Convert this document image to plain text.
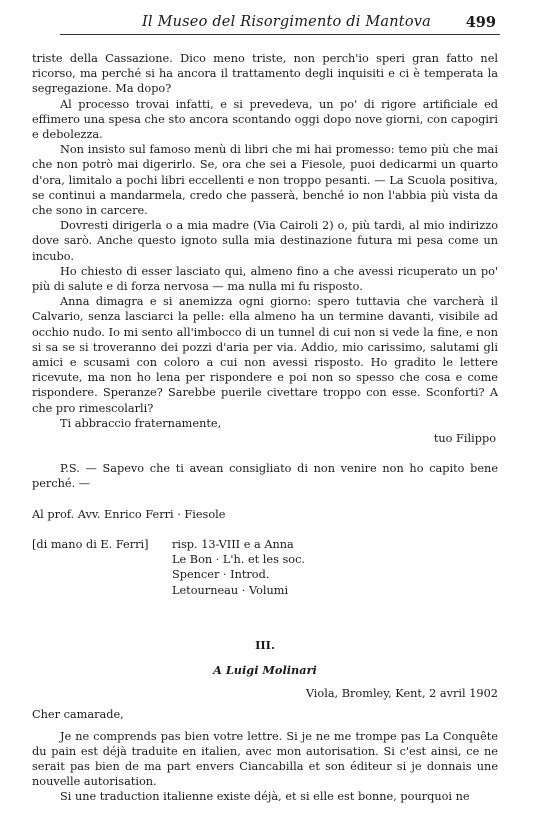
Il Museo del Risorgimento di Mantova 499

triste della Cassazione. Dico meno triste, non perch'io speri gran fatto nel ricorso, ma perché si ha ancora il trattamento degli inquisiti e ci è temperata la segregazione. Ma dopo?

Al processo trovai infatti, e si prevedeva, un po' di rigore artificiale ed effimero una spesa che sto ancora scontando oggi dopo nove giorni, con capogiri e debolezza.

Non insisto sul famoso menù di libri che mi hai promesso: temo più che mai che non potrò mai digerirlo. Se, ora che sei a Fiesole, puoi dedicarmi un quarto d'ora, limitalo a pochi libri eccellenti e non troppo pesanti. — La Scuola positiva, se continui a mandarmela, credo che passerà, benché io non l'abbia più vista da che sono in carcere.

Dovresti dirigerla o a mia madre (Via Cairoli 2) o, più tardi, al mio indirizzo dove sarò. Anche questo ignoto sulla mia destinazione futura mi pesa come un incubo.

Ho chiesto di esser lasciato qui, almeno fino a che avessi ricuperato un po' più di salute e di forza nervosa — ma nulla mi fu risposto.

Anna dimagra e si anemizza ogni giorno: spero tuttavia che varcherà il Calvario, senza lasciarci la pelle: ella almeno ha un termine davanti, visibile ad occhio nudo. Io mi sento all'imbocco di un tunnel di cui non si vede la fine, e non si sa se si troveranno dei pozzi d'aria per via. Addio, mio carissimo, salutami gli amici e scusami con coloro a cui non avessi risposto. Ho gradito le lettere ricevute, ma non ho lena per rispondere e poi non so spesso che cosa e come rispondere. Speranze? Sarebbe puerile civettare troppo con esse. Sconforti? A che pro rimescolarli?

Ti abbraccio fraternamente,

tuo Filippo

P.S. — Sapevo che ti avean consigliato di non venire non ho capito bene perché. —

Al prof. Avv. Enrico Ferri · Fiesole

[di mano di E. Ferri]	risp. 13-VIII e a Anna
Le Bon · L'h. et les soc.
Spencer · Introd.
Letourneau · Volumi

III.

A Luigi Molinari

Viola, Bromley, Kent, 2 avril 1902

Cher camarade,

Je ne comprends pas bien votre lettre. Si je ne me trompe pas La Conquête du pain est déjà traduite en italien, avec mon autorisation. Si c'est ainsi, ce ne serait pas bien de ma part envers Ciancabilla et son éditeur si je donnais une nouvelle autorisation.

Si une traduction italienne existe déjà, et si elle est bonne, pourquoi ne
